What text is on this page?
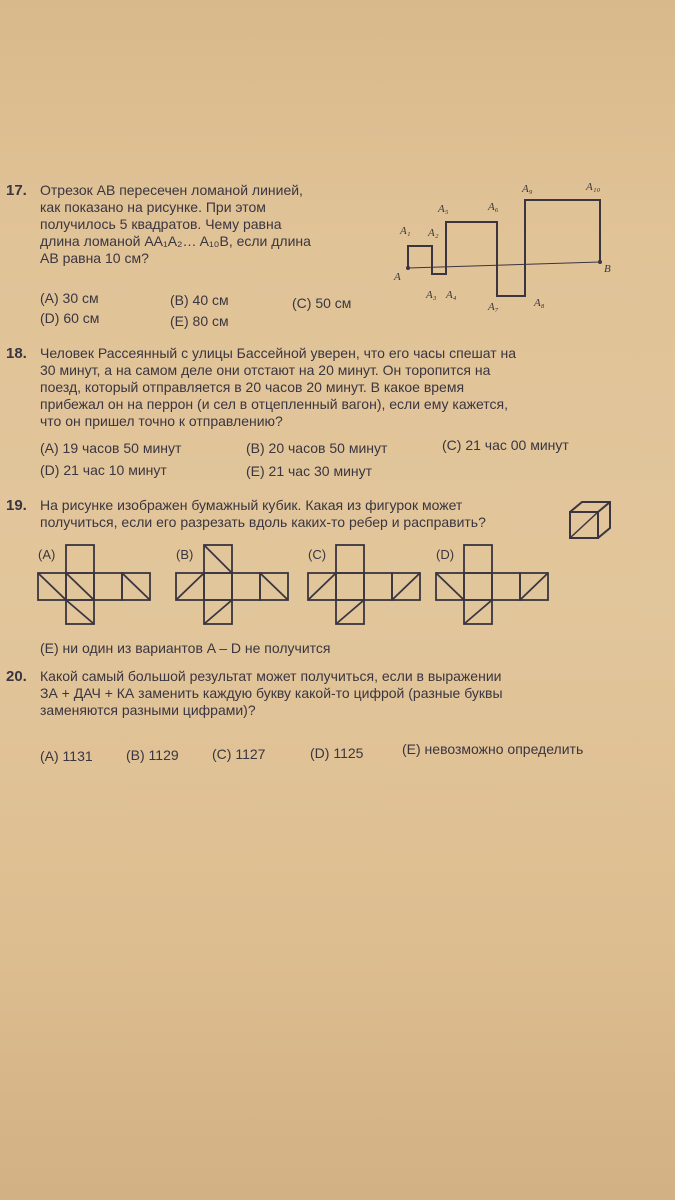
17. Отрезок AB пересечен ломаной линией,
как показано на рисунке. При этом
получилось 5 квадратов. Чему равна
длина ломаной AA₁A₂… A₁₀B, если длина
AB равна 10 см?
(A) 30 см	(B) 40 см	(C) 50 см
(D) 60 см	(E) 80 см
A₁ A₂
A₃ A₄
A₅	A₆
A₇	A₈
A₉	A₁₀
A
B
18. Человек Рассеянный с улицы Бассейной уверен, что его часы спешат на
30 минут, а на самом деле они отстают на 20 минут. Он торопится на
поезд, который отправляется в 20 часов 20 минут. В какое время
прибежал он на перрон (и сел в отцепленный вагон), если ему кажется,
что он пришел точно к отправлению?
(A) 19 часов 50 минут	(B) 20 часов 50 минут	(C) 21 час 00 минут
(D) 21 час 10 минут	(E) 21 час 30 минут
19. На рисунке изображен бумажный кубик. Какая из фигурок может
получиться, если его разрезать вдоль каких-то ребер и расправить?
(A)	(B)	(C)	(D)
(E) ни один из вариантов A – D не получится
20. Какой самый большой результат может получиться, если в выражении
ЗА + ДАЧ + КА заменить каждую букву какой-то цифрой (разные буквы
заменяются разными цифрами)?
(A) 1131 (B) 1129 (C) 1127	(D) 1125	(E) невозможно определить
